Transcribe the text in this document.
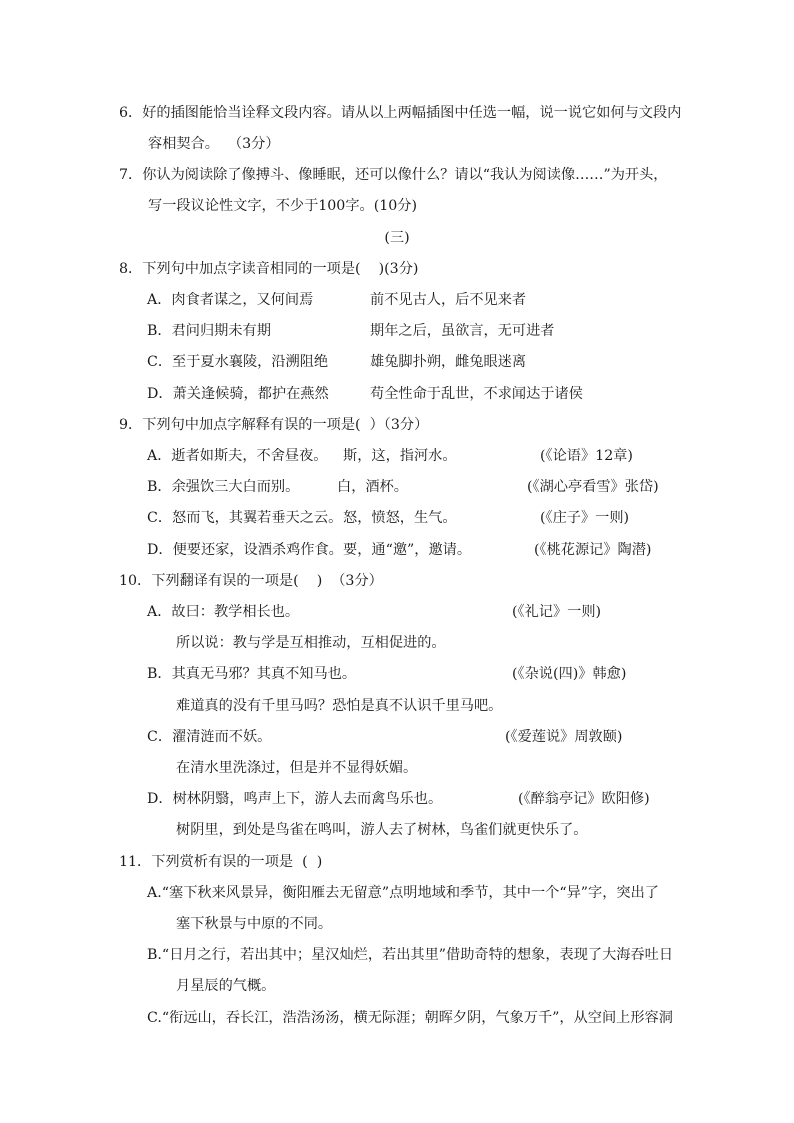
6．好的插图能恰当诠释文段内容。请从以上两幅插图中任选一幅，说一说它如何与文段内
容相契合。  （3分）
7．你认为阅读除了像搏斗、像睡眠，还可以像什么？请以“我认为阅读像……”为开头，
写一段议论性文字，不少于100字。(10分)
(三)
8．下列句中加点字读音相同的一项是(    )(3分)
A．肉食者谋之，又何间焉	前不见古人，后不见来者
B．君问归期未有期	期年之后，虽欲言，无可进者
C．至于夏水襄陵，沿溯阻绝	雄兔脚扑朔，雌兔眼迷离
D．萧关逢候骑，都护在燕然	苟全性命于乱世，不求闻达于诸侯
9．下列句中加点字解释有误的一项是(  ）（3分）
A．逝者如斯夫，不舍昼夜。 斯，这，指河水。	(《论语》12章)
B．余强饮三大白而别。	白，酒杯。	(《湖心亭看雪》张岱)
C．怒而飞，其翼若垂天之云。 怒，愤怒，生气。	(《庄子》一则)
D．便要还家，设酒杀鸡作食。 要，通“邀”，邀请。	(《桃花源记》陶潜)
10．下列翻译有误的一项是(    )  （3分）
A．故曰：教学相长也。	(《礼记》一则)
所以说：教与学是互相推动，互相促进的。
B．其真无马邪？其真不知马也。	(《杂说(四)》韩愈)
难道真的没有千里马吗？恐怕是真不认识千里马吧。
C．濯清涟而不妖。	(《爱莲说》周敦颐)
在清水里洗涤过，但是并不显得妖媚。
D．树林阴翳，鸣声上下，游人去而禽鸟乐也。	(《醉翁亭记》欧阳修)
树阴里，到处是鸟雀在鸣叫，游人去了树林，鸟雀们就更快乐了。
11．下列赏析有误的一项是  (  )
A.“塞下秋来风景异，衡阳雁去无留意”点明地域和季节，其中一个“异”字，突出了
塞下秋景与中原的不同。
B.“日月之行，若出其中；星汉灿烂，若出其里”借助奇特的想象，表现了大海吞吐日
月星辰的气概。
C.“衔远山，吞长江，浩浩汤汤，横无际涯；朝晖夕阴，气象万千”，从空间上形容洞
